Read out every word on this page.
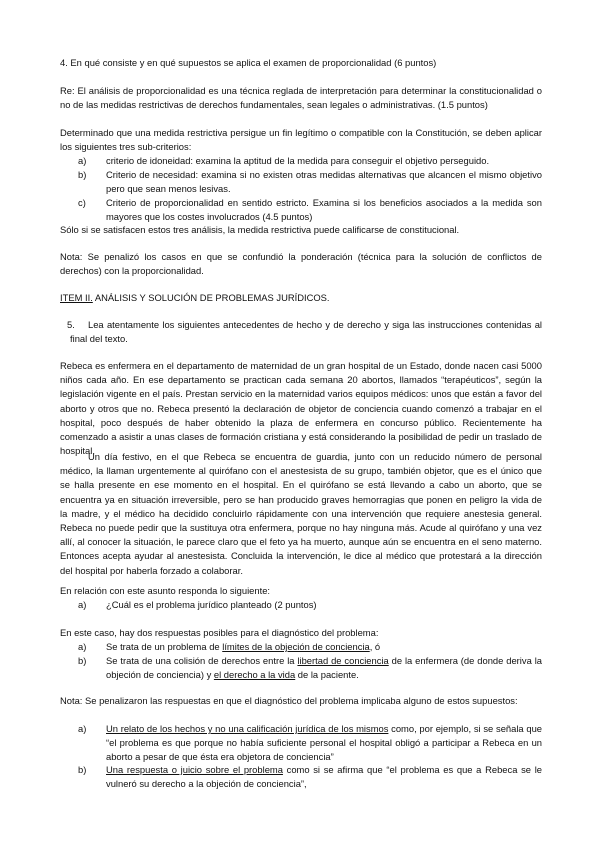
4. En qué consiste y en qué supuestos se aplica el examen de proporcionalidad (6 puntos)

Re: El análisis de proporcionalidad es una técnica reglada de interpretación para determinar la constitucionalidad o no de las medidas restrictivas de derechos fundamentales, sean legales o administrativas. (1.5 puntos)

Determinado que una medida restrictiva persigue un fin legítimo o compatible con la Constitución, se deben aplicar los siguientes tres sub-criterios:

a) criterio de idoneidad: examina la aptitud de la medida para conseguir el objetivo perseguido.

b) Criterio de necesidad: examina si no existen otras medidas alternativas que alcancen el mismo objetivo pero que sean menos lesivas.

c) Criterio de proporcionalidad en sentido estricto. Examina si los beneficios asociados a la medida son mayores que los costes involucrados (4.5 puntos)

Sólo si se satisfacen estos tres análisis, la medida restrictiva puede calificarse de constitucional.

Nota: Se penalizó los casos en que se confundió la ponderación (técnica para la solución de conflictos de derechos) con la proporcionalidad.

ITEM II. ANÁLISIS Y SOLUCIÓN DE PROBLEMAS JURÍDICOS.

5.	Lea atentamente los siguientes antecedentes de hecho y de derecho y siga las instrucciones contenidas al final del texto.

Rebeca es enfermera en el departamento de maternidad de un gran hospital de un Estado, donde nacen casi 5000 niños cada año. En ese departamento se practican cada semana 20 abortos, llamados “terapéuticos”, según la legislación vigente en el país. Prestan servicio en la maternidad varios equipos médicos: unos que están a favor del aborto y otros que no. Rebeca presentó la declaración de objetor de conciencia cuando comenzó a trabajar en el hospital, poco después de haber obtenido la plaza de enfermera en concurso público. Recientemente ha comenzado a asistir a unas clases de formación cristiana y está considerando la posibilidad de pedir un traslado de hospital.

Un día festivo, en el que Rebeca se encuentra de guardia, junto con un reducido número de personal médico, la llaman urgentemente al quirófano con el anestesista de su grupo, también objetor, que es el único que se halla presente en ese momento en el hospital. En el quirófano se está llevando a cabo un aborto, que se encuentra ya en situación irreversible, pero se han producido graves hemorragias que ponen en peligro la vida de la madre, y el médico ha decidido concluirlo rápidamente con una intervención que requiere anestesia general. Rebeca no puede pedir que la sustituya otra enfermera, porque no hay ninguna más. Acude al quirófano y una vez allí, al conocer la situación, le parece claro que el feto ya ha muerto, aunque aún se encuentra en el seno materno. Entonces acepta ayudar al anestesista. Concluida la intervención, le dice al médico que protestará a la dirección del hospital por haberla forzado a colaborar.

En relación con este asunto responda lo siguiente:

a) ¿Cuál es el problema jurídico planteado (2 puntos)

En este caso, hay dos respuestas posibles para el diagnóstico del problema:

a) Se trata de un problema de límites de la objeción de conciencia, ó

b) Se trata de una colisión de derechos entre la libertad de conciencia de la enfermera (de donde deriva la objeción de conciencia) y el derecho a la vida de la paciente.

Nota: Se penalizaron las respuestas en que el diagnóstico del problema implicaba alguno de estos supuestos:

a) Un relato de los hechos y no una calificación jurídica de los mismos como, por ejemplo, si se señala que “el problema es que porque no había suficiente personal el hospital obligó a participar a Rebeca en un aborto a pesar de que ésta era objetora de conciencia”

b) Una respuesta o juicio sobre el problema como si se afirma que “el problema es que a Rebeca se le vulneró su derecho a la objeción de conciencia”,
